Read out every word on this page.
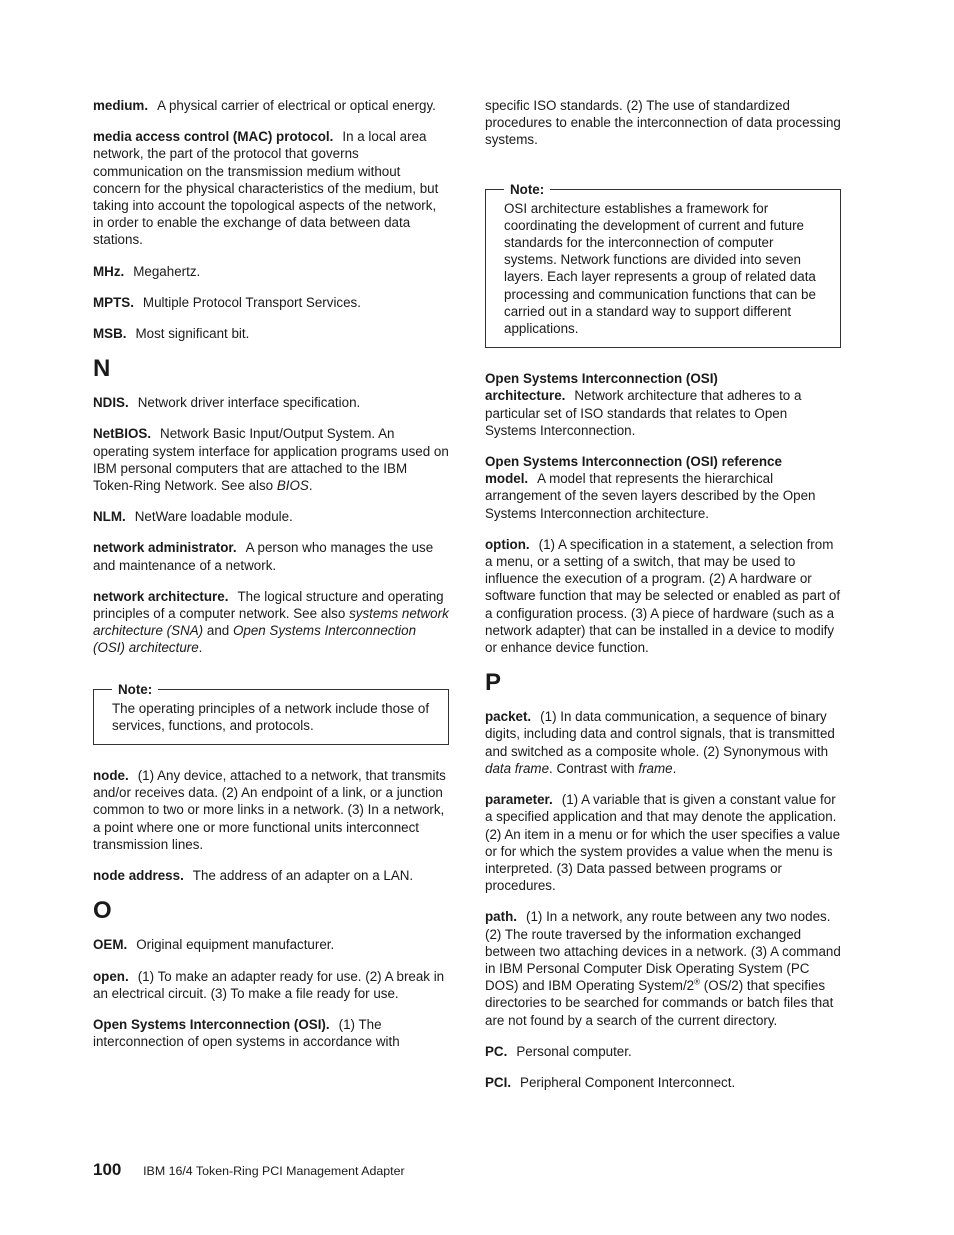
medium. A physical carrier of electrical or optical energy.

media access control (MAC) protocol. In a local area network, the part of the protocol that governs communication on the transmission medium without concern for the physical characteristics of the medium, but taking into account the topological aspects of the network, in order to enable the exchange of data between data stations.

MHz. Megahertz.

MPTS. Multiple Protocol Transport Services.

MSB. Most significant bit.

N

NDIS. Network driver interface specification.

NetBIOS. Network Basic Input/Output System. An operating system interface for application programs used on IBM personal computers that are attached to the IBM Token-Ring Network. See also BIOS.

NLM. NetWare loadable module.

network administrator. A person who manages the use and maintenance of a network.

network architecture. The logical structure and operating principles of a computer network. See also systems network architecture (SNA) and Open Systems Interconnection (OSI) architecture.

Note:
The operating principles of a network include those of services, functions, and protocols.

node. (1) Any device, attached to a network, that transmits and/or receives data. (2) An endpoint of a link, or a junction common to two or more links in a network. (3) In a network, a point where one or more functional units interconnect transmission lines.

node address. The address of an adapter on a LAN.

O

OEM. Original equipment manufacturer.

open. (1) To make an adapter ready for use. (2) A break in an electrical circuit. (3) To make a file ready for use.

Open Systems Interconnection (OSI). (1) The interconnection of open systems in accordance with

specific ISO standards. (2) The use of standardized procedures to enable the interconnection of data processing systems.

Note:
OSI architecture establishes a framework for coordinating the development of current and future standards for the interconnection of computer systems. Network functions are divided into seven layers. Each layer represents a group of related data processing and communication functions that can be carried out in a standard way to support different applications.

Open Systems Interconnection (OSI) architecture. Network architecture that adheres to a particular set of ISO standards that relates to Open Systems Interconnection.

Open Systems Interconnection (OSI) reference model. A model that represents the hierarchical arrangement of the seven layers described by the Open Systems Interconnection architecture.

option. (1) A specification in a statement, a selection from a menu, or a setting of a switch, that may be used to influence the execution of a program. (2) A hardware or software function that may be selected or enabled as part of a configuration process. (3) A piece of hardware (such as a network adapter) that can be installed in a device to modify or enhance device function.

P

packet. (1) In data communication, a sequence of binary digits, including data and control signals, that is transmitted and switched as a composite whole. (2) Synonymous with data frame. Contrast with frame.

parameter. (1) A variable that is given a constant value for a specified application and that may denote the application. (2) An item in a menu or for which the user specifies a value or for which the system provides a value when the menu is interpreted. (3) Data passed between programs or procedures.

path. (1) In a network, any route between any two nodes. (2) The route traversed by the information exchanged between two attaching devices in a network. (3) A command in IBM Personal Computer Disk Operating System (PC DOS) and IBM Operating System/2® (OS/2) that specifies directories to be searched for commands or batch files that are not found by a search of the current directory.

PC. Personal computer.

PCI. Peripheral Component Interconnect.

100 IBM 16/4 Token-Ring PCI Management Adapter
